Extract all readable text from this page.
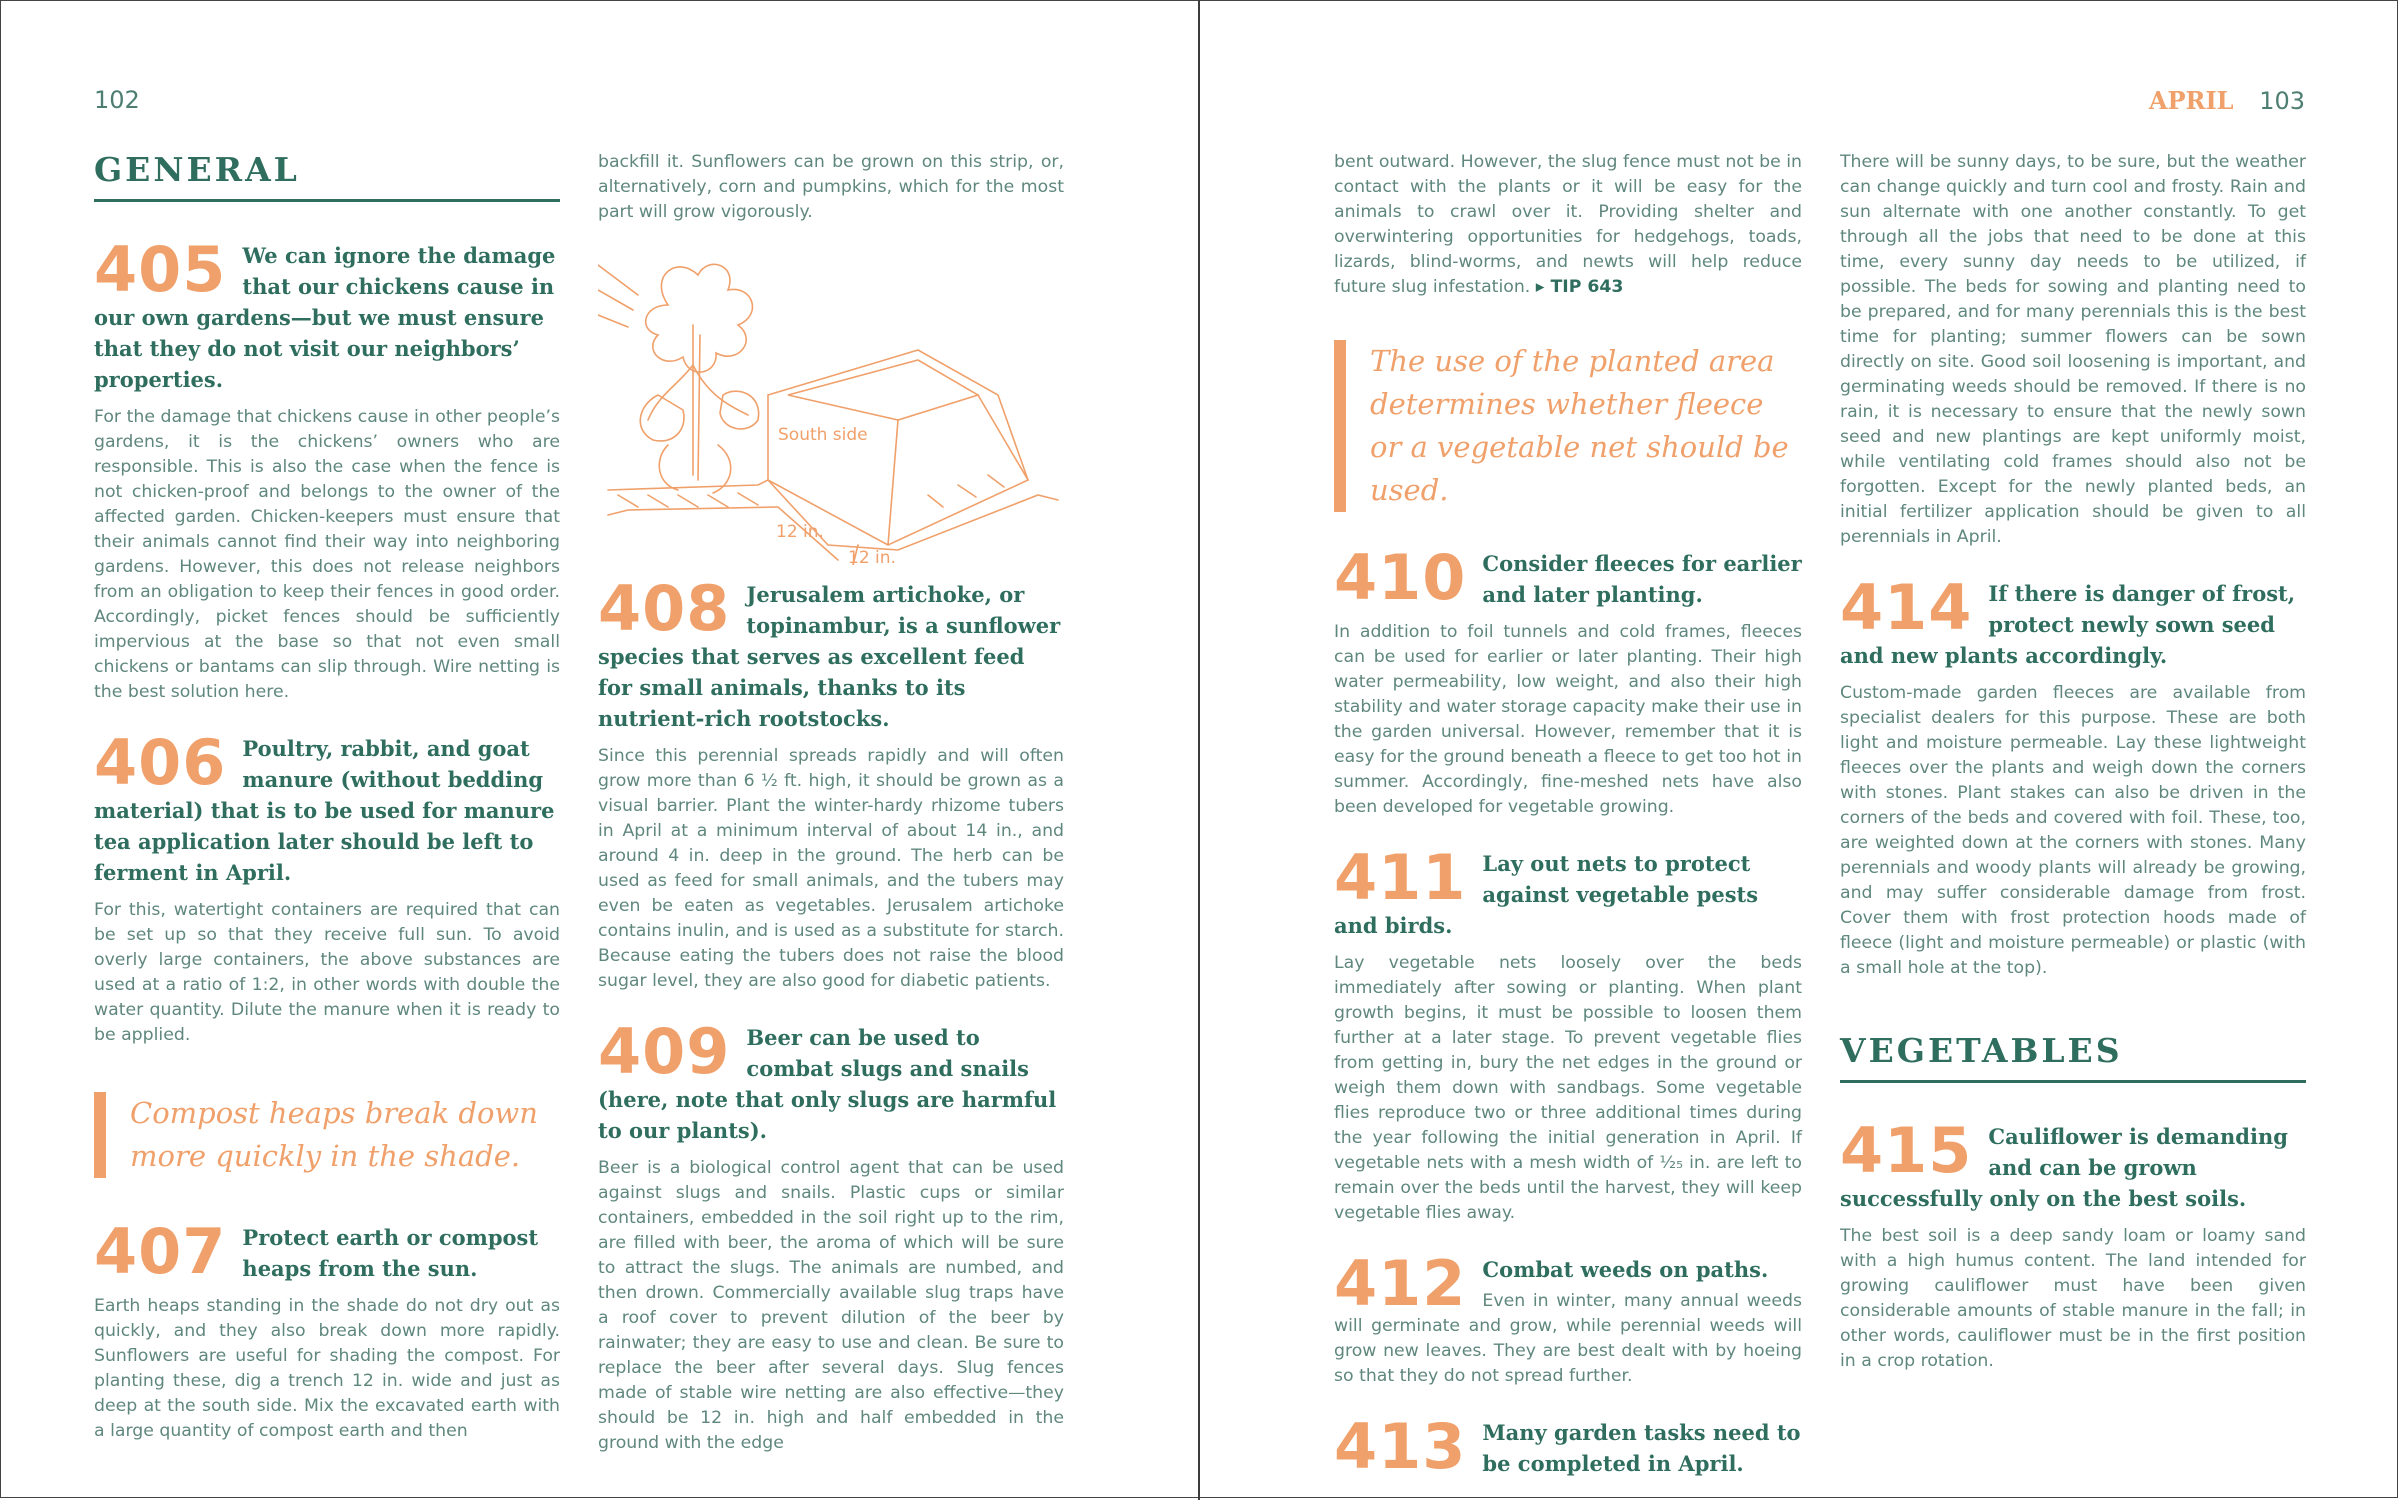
102
GENERAL
405 We can ignore the damage that our chickens cause in our own gardens—but we must ensure that they do not visit our neighbors’ properties.

For the damage that chickens cause in other people’s gardens, it is the chickens’ owners who are responsible. This is also the case when the fence is not chicken-proof and belongs to the owner of the affected garden. Chicken-keepers must ensure that their animals cannot find their way into neighboring gardens. However, this does not release neighbors from an obligation to keep their fences in good order. Accordingly, picket fences should be sufficiently impervious at the base so that not even small chickens or bantams can slip through. Wire netting is the best solution here.

406 Poultry, rabbit, and goat manure (without bedding material) that is to be used for manure tea application later should be left to ferment in April.

For this, watertight containers are required that can be set up so that they receive full sun. To avoid overly large containers, the above substances are used at a ratio of 1:2, in other words with double the water quantity. Dilute the manure when it is ready to be applied.

Compost heaps break down more quickly in the shade.
407 Protect earth or compost heaps from the sun.

Earth heaps standing in the shade do not dry out as quickly, and they also break down more rapidly. Sunflowers are useful for shading the compost. For planting these, dig a trench 12 in. wide and just as deep at the south side. Mix the excavated earth with a large quantity of compost earth and then

backfill it. Sunflowers can be grown on this strip, or, alternatively, corn and pumpkins, which for the most part will grow vigorously.

South side
12 in.
12 in.
408 Jerusalem artichoke, or topinambur, is a sunflower species that serves as excellent feed for small animals, thanks to its nutrient-rich rootstocks.

Since this perennial spreads rapidly and will often grow more than 6 ½ ft. high, it should be grown as a visual barrier. Plant the winter-hardy rhizome tubers in April at a minimum interval of about 14 in., and around 4 in. deep in the ground. The herb can be used as feed for small animals, and the tubers may even be eaten as vegetables. Jerusalem artichoke contains inulin, and is used as a substitute for starch. Because eating the tubers does not raise the blood sugar level, they are also good for diabetic patients.

409 Beer can be used to combat slugs and snails (here, note that only slugs are harmful to our plants).

Beer is a biological control agent that can be used against slugs and snails. Plastic cups or similar containers, embedded in the soil right up to the rim, are filled with beer, the aroma of which will be sure to attract the slugs. The animals are numbed, and then drown. Commercially available slug traps have a roof cover to prevent dilution of the beer by rainwater; they are easy to use and clean. Be sure to replace the beer after several days. Slug fences made of stable wire netting are also effective—they should be 12 in. high and half embedded in the ground with the edge

APRIL 103

bent outward. However, the slug fence must not be in contact with the plants or it will be easy for the animals to crawl over it. Providing shelter and overwintering opportunities for hedgehogs, toads, lizards, blind-worms, and newts will help reduce future slug infestation. ▸ TIP 643

The use of the planted area determines whether fleece or a vegetable net should be used.
410 Consider fleeces for earlier and later planting.

In addition to foil tunnels and cold frames, fleeces can be used for earlier or later planting. Their high water permeability, low weight, and also their high stability and water storage capacity make their use in the garden universal. However, remember that it is easy for the ground beneath a fleece to get too hot in summer. Accordingly, fine-meshed nets have also been developed for vegetable growing.

411 Lay out nets to protect against vegetable pests and birds.

Lay vegetable nets loosely over the beds immediately after sowing or planting. When plant growth begins, it must be possible to loosen them further at a later stage. To prevent vegetable flies from getting in, bury the net edges in the ground or weigh them down with sandbags. Some vegetable flies reproduce two or three additional times during the year following the initial generation in April. If vegetable nets with a mesh width of ⅟₂₅ in. are left to remain over the beds until the harvest, they will keep vegetable flies away.

412 Combat weeds on paths.

Even in winter, many annual weeds will germinate and grow, while perennial weeds will grow new leaves. They are best dealt with by hoeing so that they do not spread further.

413 Many garden tasks need to be completed in April.

There will be sunny days, to be sure, but the weather can change quickly and turn cool and frosty. Rain and sun alternate with one another constantly. To get through all the jobs that need to be done at this time, every sunny day needs to be utilized, if possible. The beds for sowing and planting need to be prepared, and for many perennials this is the best time for planting; summer flowers can be sown directly on site. Good soil loosening is important, and germinating weeds should be removed. If there is no rain, it is necessary to ensure that the newly sown seed and new plantings are kept uniformly moist, while ventilating cold frames should also not be forgotten. Except for the newly planted beds, an initial fertilizer application should be given to all perennials in April.

414 If there is danger of frost, protect newly sown seed and new plants accordingly.

Custom-made garden fleeces are available from specialist dealers for this purpose. These are both light and moisture permeable. Lay these lightweight fleeces over the plants and weigh down the corners with stones. Plant stakes can also be driven in the corners of the beds and covered with foil. These, too, are weighted down at the corners with stones. Many perennials and woody plants will already be growing, and may suffer considerable damage from frost. Cover them with frost protection hoods made of fleece (light and moisture permeable) or plastic (with a small hole at the top).

VEGETABLES
415 Cauliflower is demanding and can be grown successfully only on the best soils.

The best soil is a deep sandy loam or loamy sand with a high humus content. The land intended for growing cauliflower must have been given considerable amounts of stable manure in the fall; in other words, cauliflower must be in the first position in a crop rotation.
